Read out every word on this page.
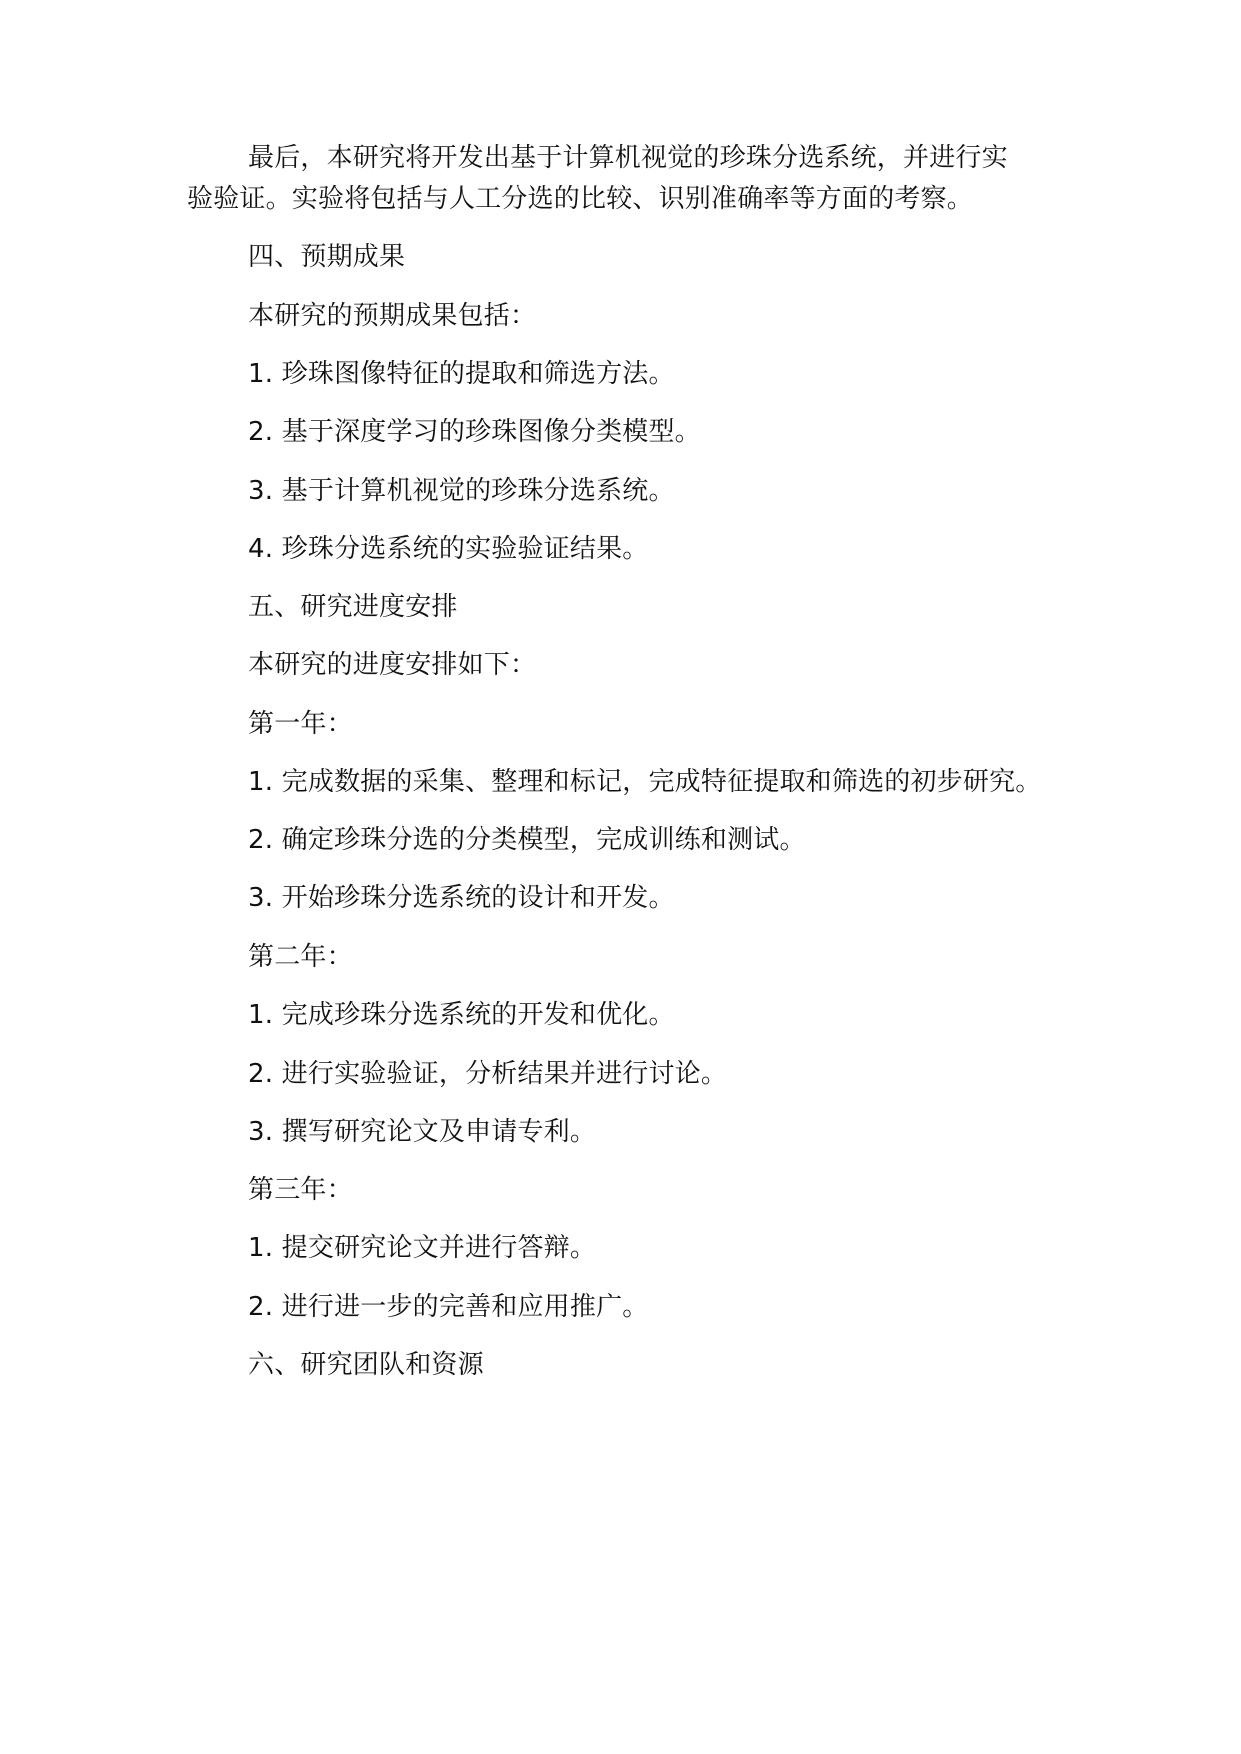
最后，本研究将开发出基于计算机视觉的珍珠分选系统，并进行实
验验证。实验将包括与人工分选的比较、识别准确率等方面的考察。
四、预期成果
本研究的预期成果包括：
1. 珍珠图像特征的提取和筛选方法。
2. 基于深度学习的珍珠图像分类模型。
3. 基于计算机视觉的珍珠分选系统。
4. 珍珠分选系统的实验验证结果。
五、研究进度安排
本研究的进度安排如下：
第一年：
1. 完成数据的采集、整理和标记，完成特征提取和筛选的初步研究。
2. 确定珍珠分选的分类模型，完成训练和测试。
3. 开始珍珠分选系统的设计和开发。
第二年：
1. 完成珍珠分选系统的开发和优化。
2. 进行实验验证，分析结果并进行讨论。
3. 撰写研究论文及申请专利。
第三年：
1. 提交研究论文并进行答辩。
2. 进行进一步的完善和应用推广。
六、研究团队和资源
